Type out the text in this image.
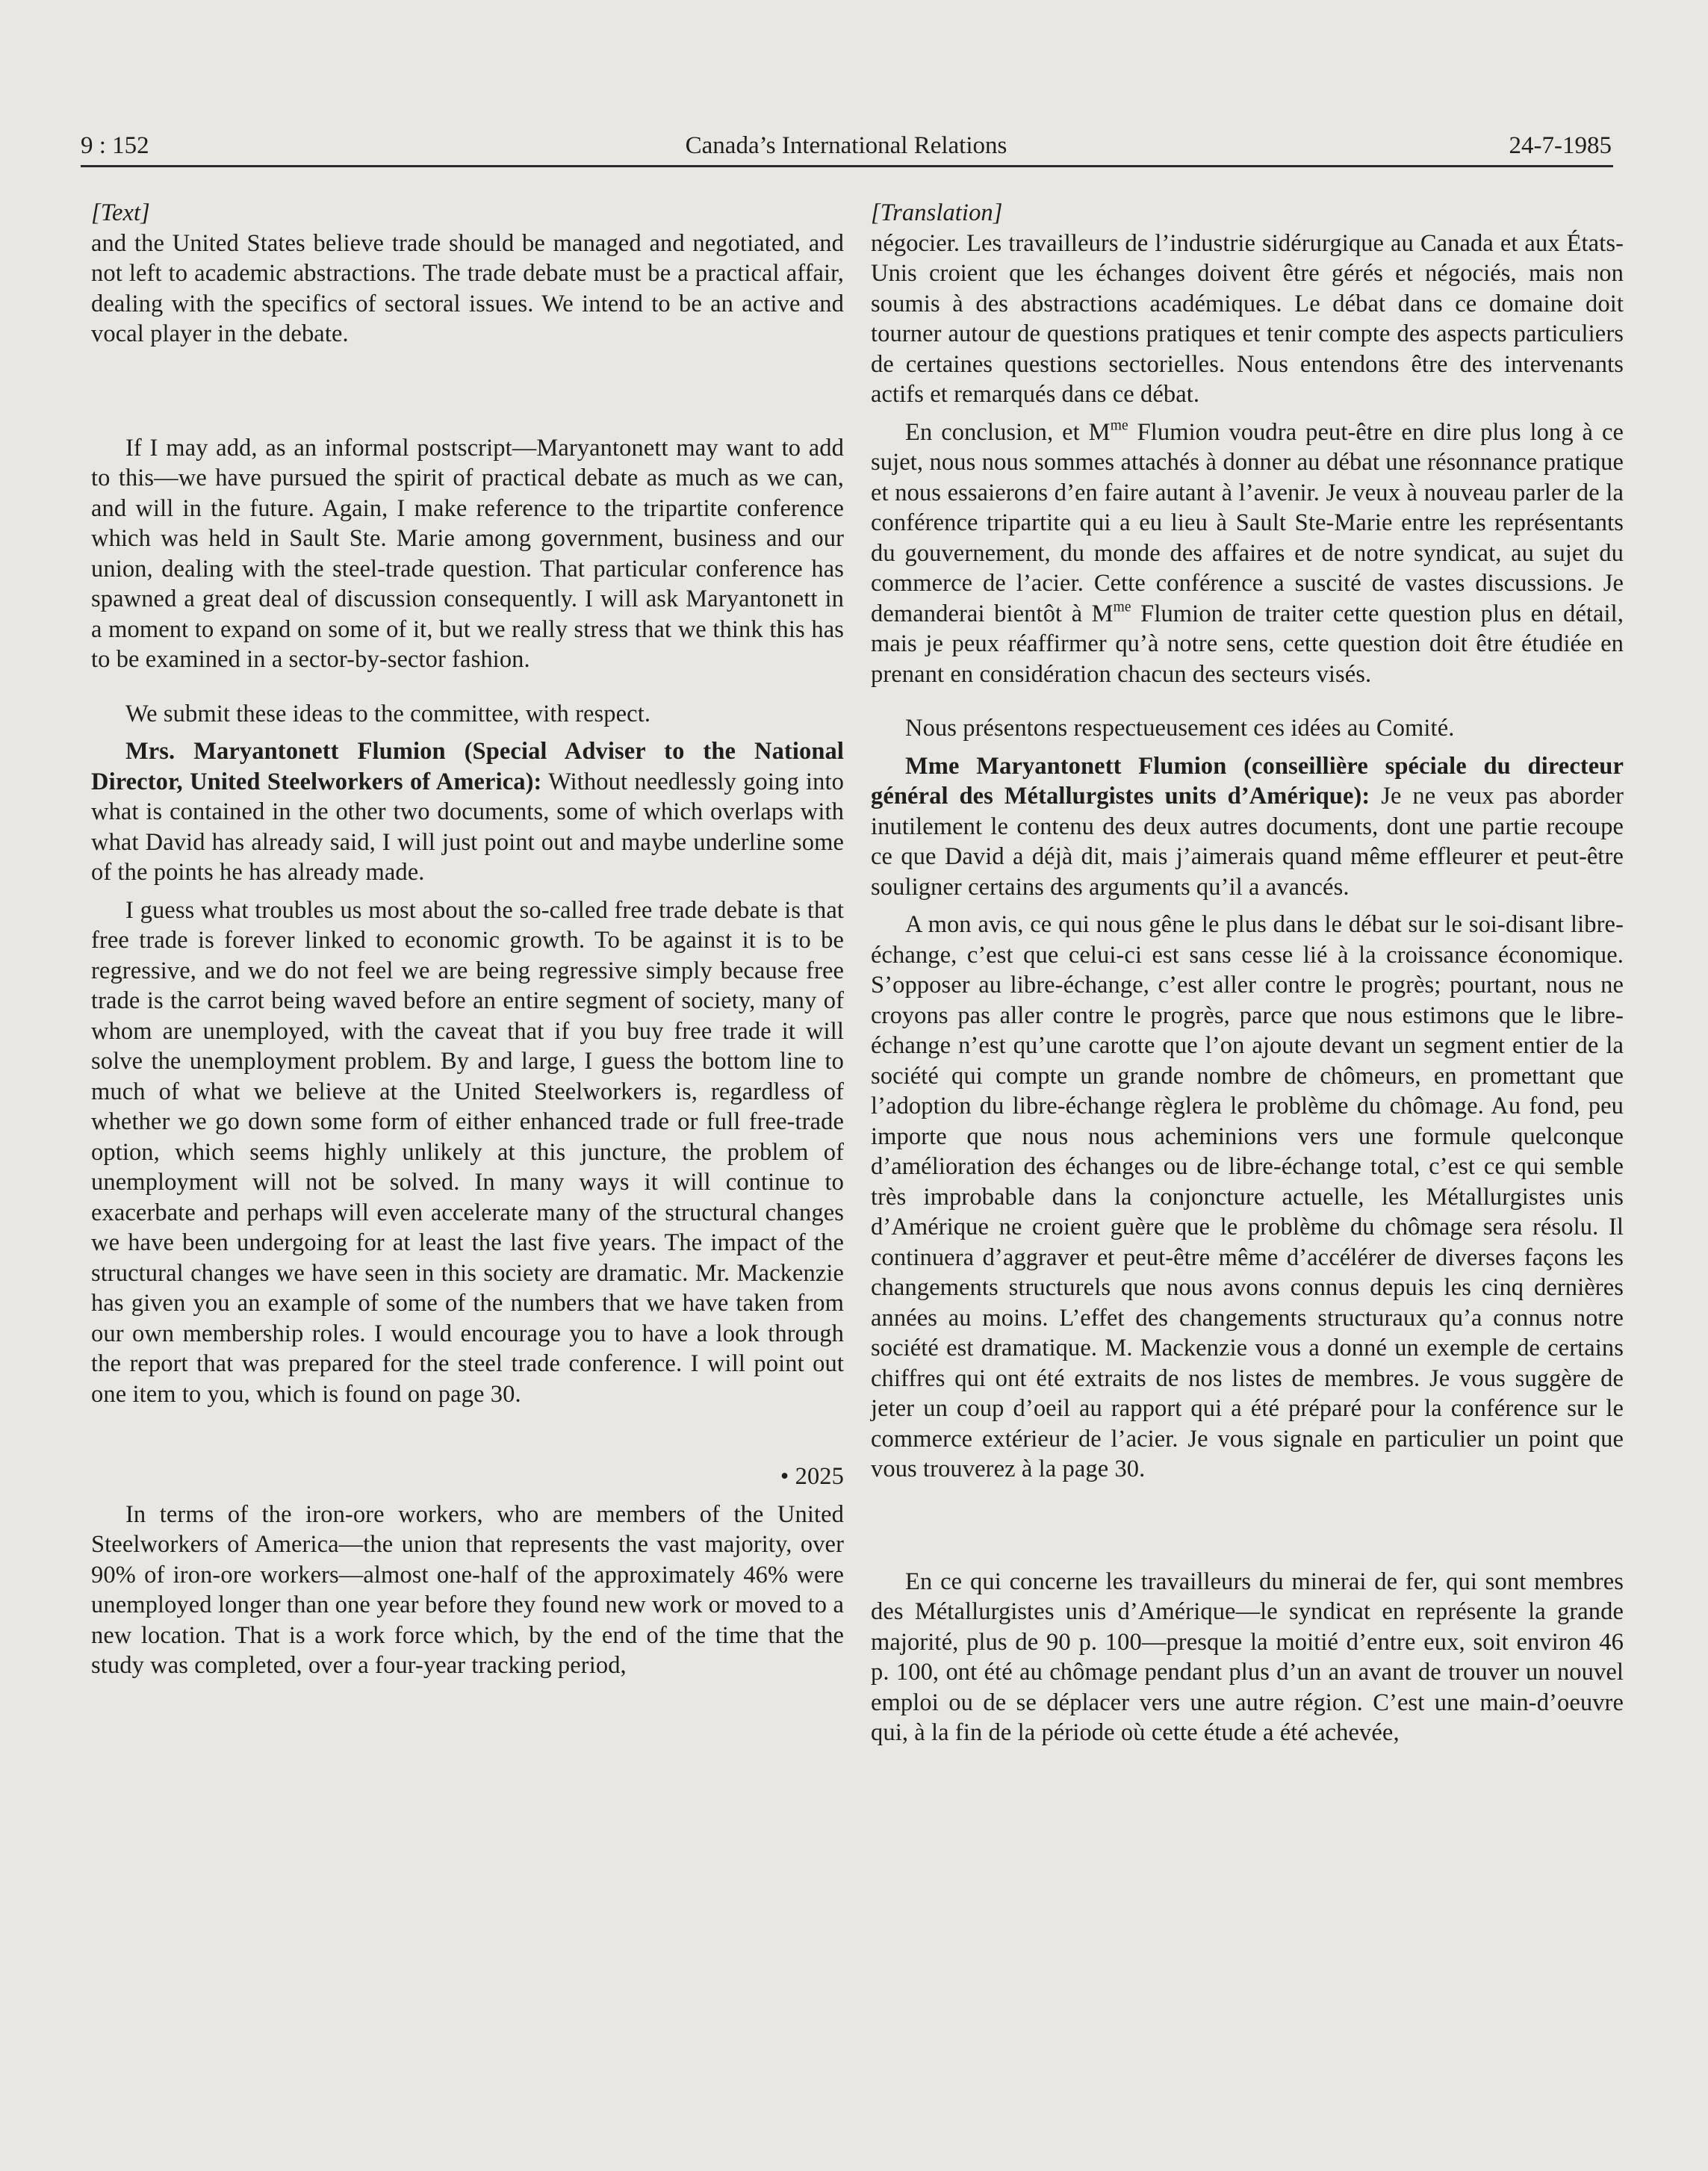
9 : 152	Canada’s International Relations	24-7-1985

[Text]

and the United States believe trade should be managed and negotiated, and not left to academic abstractions. The trade debate must be a practical affair, dealing with the specifics of sectoral issues. We intend to be an active and vocal player in the debate.

If I may add, as an informal postscript—Maryantonett may want to add to this—we have pursued the spirit of practical debate as much as we can, and will in the future. Again, I make reference to the tripartite conference which was held in Sault Ste. Marie among government, business and our union, dealing with the steel-trade question. That particular conference has spawned a great deal of discussion consequently. I will ask Maryantonett in a moment to expand on some of it, but we really stress that we think this has to be examined in a sector-by-sector fashion.

We submit these ideas to the committee, with respect.

Mrs. Maryantonett Flumion (Special Adviser to the National Director, United Steelworkers of America): Without needlessly going into what is contained in the other two documents, some of which overlaps with what David has already said, I will just point out and maybe underline some of the points he has already made.

I guess what troubles us most about the so-called free trade debate is that free trade is forever linked to economic growth. To be against it is to be regressive, and we do not feel we are being regressive simply because free trade is the carrot being waved before an entire segment of society, many of whom are unemployed, with the caveat that if you buy free trade it will solve the unemployment problem. By and large, I guess the bottom line to much of what we believe at the United Steelworkers is, regardless of whether we go down some form of either enhanced trade or full free-trade option, which seems highly unlikely at this juncture, the problem of unemployment will not be solved. In many ways it will continue to exacerbate and perhaps will even accelerate many of the structural changes we have been undergoing for at least the last five years. The impact of the structural changes we have seen in this society are dramatic. Mr. Mackenzie has given you an example of some of the numbers that we have taken from our own membership roles. I would encourage you to have a look through the report that was prepared for the steel trade conference. I will point out one item to you, which is found on page 30.

• 2025

In terms of the iron-ore workers, who are members of the United Steelworkers of America—the union that represents the vast majority, over 90% of iron-ore workers—almost one-half of the approximately 46% were unemployed longer than one year before they found new work or moved to a new location. That is a work force which, by the end of the time that the study was completed, over a four-year tracking period,

[Translation]

négocier. Les travailleurs de l’industrie sidérurgique au Canada et aux États-Unis croient que les échanges doivent être gérés et négociés, mais non soumis à des abstractions académiques. Le débat dans ce domaine doit tourner autour de questions pratiques et tenir compte des aspects particuliers de certaines questions sectorielles. Nous entendons être des intervenants actifs et remarqués dans ce débat.

En conclusion, et $M^{me}$ Flumion voudra peut-être en dire plus long à ce sujet, nous nous sommes attachés à donner au débat une résonnance pratique et nous essaierons d’en faire autant à l’avenir. Je veux à nouveau parler de la conférence tripartite qui a eu lieu à Sault Ste-Marie entre les représentants du gouvernement, du monde des affaires et de notre syndicat, au sujet du commerce de l’acier. Cette conférence a suscité de vastes discussions. Je demanderai bientôt à $M^{me}$ Flumion de traiter cette question plus en détail, mais je peux réaffirmer qu’à notre sens, cette question doit être étudiée en prenant en considération chacun des secteurs visés.

Nous présentons respectueusement ces idées au Comité.

Mme Maryantonett Flumion (conseillière spéciale du directeur général des Métallurgistes units d’Amérique): Je ne veux pas aborder inutilement le contenu des deux autres documents, dont une partie recoupe ce que David a déjà dit, mais j’aimerais quand même effleurer et peut-être souligner certains des arguments qu’il a avancés.

A mon avis, ce qui nous gêne le plus dans le débat sur le soi-disant libre-échange, c’est que celui-ci est sans cesse lié à la croissance économique. S’opposer au libre-échange, c’est aller contre le progrès; pourtant, nous ne croyons pas aller contre le progrès, parce que nous estimons que le libre-échange n’est qu’une carotte que l’on ajoute devant un segment entier de la société qui compte un grande nombre de chômeurs, en promettant que l’adoption du libre-échange règlera le problème du chômage. Au fond, peu importe que nous nous acheminions vers une formule quelconque d’amélioration des échanges ou de libre-échange total, c’est ce qui semble très improbable dans la conjoncture actuelle, les Métallurgistes unis d’Amérique ne croient guère que le problème du chômage sera résolu. Il continuera d’aggraver et peut-être même d’accélérer de diverses façons les changements structurels que nous avons connus depuis les cinq dernières années au moins. L’effet des changements structuraux qu’a connus notre société est dramatique. M. Mackenzie vous a donné un exemple de certains chiffres qui ont été extraits de nos listes de membres. Je vous suggère de jeter un coup d’oeil au rapport qui a été préparé pour la conférence sur le commerce extérieur de l’acier. Je vous signale en particulier un point que vous trouverez à la page 30.

En ce qui concerne les travailleurs du minerai de fer, qui sont membres des Métallurgistes unis d’Amérique—le syndicat en représente la grande majorité, plus de 90 p. 100—presque la moitié d’entre eux, soit environ 46 p. 100, ont été au chômage pendant plus d’un an avant de trouver un nouvel emploi ou de se déplacer vers une autre région. C’est une main-d’oeuvre qui, à la fin de la période où cette étude a été achevée,
